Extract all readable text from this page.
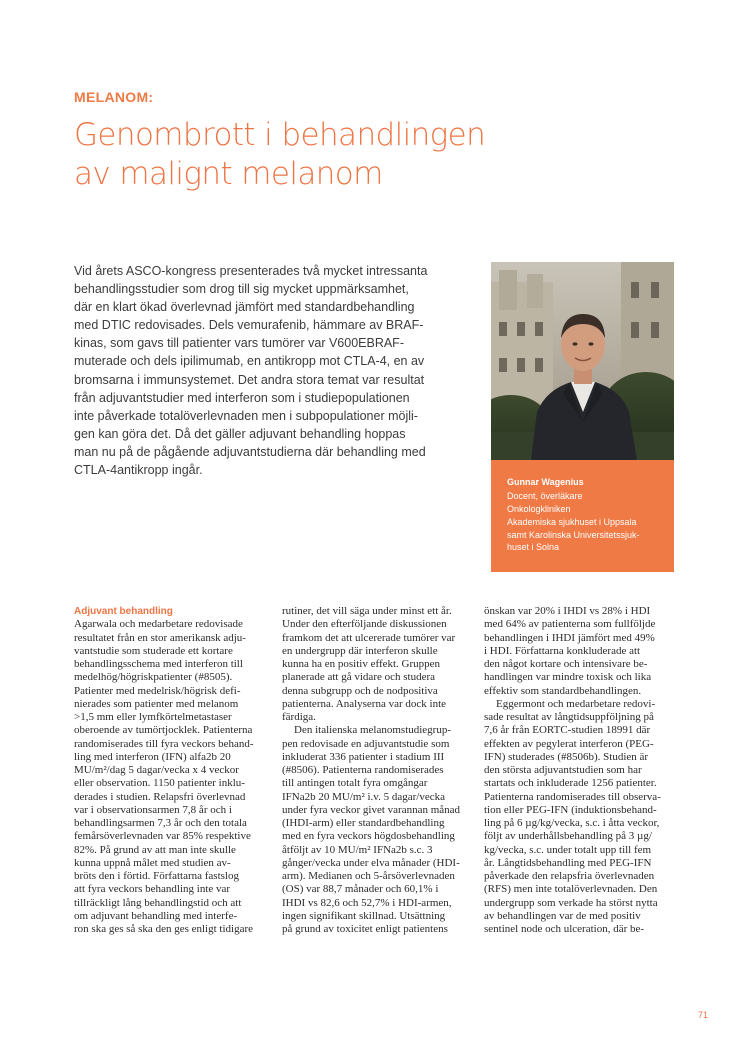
MELANOM:
Genombrott i behandlingen
av malignt melanom
Vid årets ASCO-kongress presenterades två mycket intressanta
behandlingsstudier som drog till sig mycket uppmärksamhet,
där en klart ökad överlevnad jämfört med standardbehandling
med DTIC redovisades. Dels vemurafenib, hämmare av BRAF-
kinas, som gavs till patienter vars tumörer var V600EBRAF-
muterade och dels ipilimumab, en antikropp mot CTLA-4, en av
bromsarna i immunsystemet. Det andra stora temat var resultat
från adjuvantstudier med interferon som i studiepopulationen
inte påverkade totalöverlevnaden men i subpopulationer möjli-
gen kan göra det. Då det gäller adjuvant behandling hoppas
man nu på de pågående adjuvantstudierna där behandling med
CTLA-4antikropp ingår.
Gunnar Wagenius
Docent, överläkare
Onkologkliniken
Akademiska sjukhuset i Uppsala
samt Karolinska Universitetssjuk-
huset i Solna
Adjuvant behandling
Agarwala och medarbetare redovisade
resultatet från en stor amerikansk adju-
vantstudie som studerade ett kortare
behandlingsschema med interferon till
medelhög/högriskpatienter (#8505).
Patienter med medelrisk/högrisk defi-
nierades som patienter med melanom
>1,5 mm eller lymfkörtelmetastaser
oberoende av tumörtjocklek. Patienterna
randomiserades till fyra veckors behand-
ling med interferon (IFN) alfa2b 20
MU/m²/dag 5 dagar/vecka x 4 veckor
eller observation. 1150 patienter inklu-
derades i studien. Relapsfri överlevnad
var i observationsarmen 7,8 år och i
behandlingsarmen 7,3 år och den totala
femårsöverlevnaden var 85% respektive
82%. På grund av att man inte skulle
kunna uppnå målet med studien av-
bröts den i förtid. Författarna fastslog
att fyra veckors behandling inte var
tillräckligt lång behandlingstid och att
om adjuvant behandling med interfe-
ron ska ges så ska den ges enligt tidigare
rutiner, det vill säga under minst ett år.
Under den efterföljande diskussionen
framkom det att ulcererade tumörer var
en undergrupp där interferon skulle
kunna ha en positiv effekt. Gruppen
planerade att gå vidare och studera
denna subgrupp och de nodpositiva
patienterna. Analyserna var dock inte
färdiga.
Den italienska melanomstudiegrup-
pen redovisade en adjuvantstudie som
inkluderat 336 patienter i stadium III
(#8506). Patienterna randomiserades
till antingen totalt fyra omgångar
IFNa2b 20 MU/m² i.v. 5 dagar/vecka
under fyra veckor givet varannan månad
(IHDI-arm) eller standardbehandling
med en fyra veckors högdosbehandling
åtföljt av 10 MU/m² IFNa2b s.c. 3
gånger/vecka under elva månader (HDI-
arm). Medianen och 5-årsöverlevnaden
(OS) var 88,7 månader och 60,1% i
IHDI vs 82,6 och 52,7% i HDI-armen,
ingen signifikant skillnad. Utsättning
på grund av toxicitet enligt patientens
önskan var 20% i IHDI vs 28% i HDI
med 64% av patienterna som fullföljde
behandlingen i IHDI jämfört med 49%
i HDI. Författarna konkluderade att
den något kortare och intensivare be-
handlingen var mindre toxisk och lika
effektiv som standardbehandlingen.
Eggermont och medarbetare redovi-
sade resultat av långtidsuppföljning på
7,6 år från EORTC-studien 18991 där
effekten av pegylerat interferon (PEG-
IFN) studerades (#8506b). Studien är
den största adjuvantstudien som har
startats och inkluderade 1256 patienter.
Patienterna randomiserades till observa-
tion eller PEG-IFN (induktionsbehand-
ling på 6 µg/kg/vecka, s.c. i åtta veckor,
följt av underhållsbehandling på 3 µg/
kg/vecka, s.c. under totalt upp till fem
år. Långtidsbehandling med PEG-IFN
påverkade den relapsfria överlevnaden
(RFS) men inte totalöverlevnaden. Den
undergrupp som verkade ha störst nytta
av behandlingen var de med positiv
sentinel node och ulceration, där be-
71
